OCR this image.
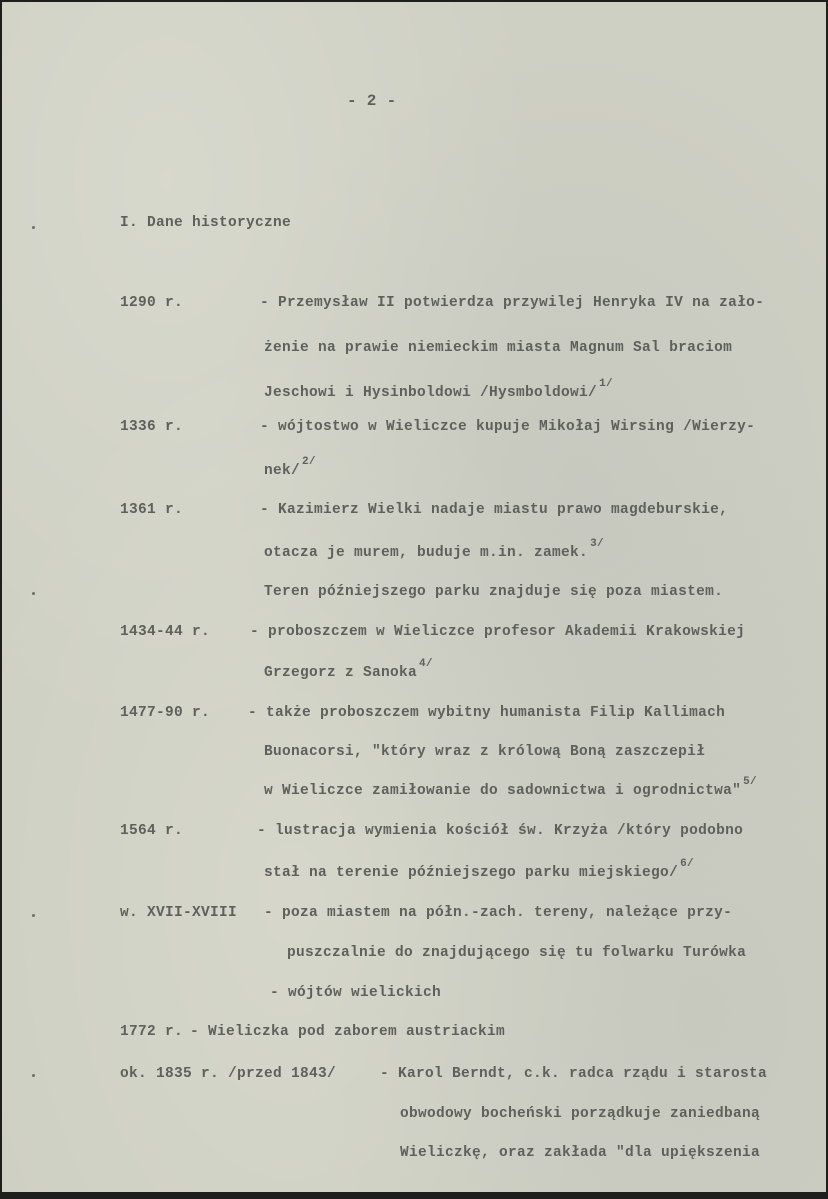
- 2 -
I. Dane historyczne
1290 r.	- Przemysław II potwierdza przywilej Henryka IV na zało-
żenie na prawie niemieckim miasta Magnum Sal braciom
Jeschowi i Hysinboldowi /Hysmboldowi/$^{1/}$
1336 r.	- wójtostwo w Wieliczce kupuje Mikołaj Wirsing /Wierzy-
nek/$^{2/}$
1361 r.	- Kazimierz Wielki nadaje miastu prawo magdeburskie,
otacza je murem, buduje m.in. zamek.$^{3/}$
Teren późniejszego parku znajduje się poza miastem.
1434-44 r.	- proboszczem w Wieliczce profesor Akademii Krakowskiej
Grzegorz z Sanoka$^{4/}$
1477-90 r.	- także proboszczem wybitny humanista Filip Kallimach
Buonacorsi, "który wraz z królową Boną zaszczepił
w Wieliczce zamiłowanie do sadownictwa i ogrodnictwa"$^{5/}$
1564 r.	- lustracja wymienia kościół św. Krzyża /który podobno
stał na terenie późniejszego parku miejskiego/$^{6/}$
w. XVII-XVIII - poza miastem na półn.-zach. tereny, należące przy-
puszczalnie do znajdującego się tu folwarku Turówka
- wójtów wielickich
1772 r. - Wieliczka pod zaborem austriackim
ok. 1835 r. /przed 1843/	- Karol Berndt, c.k. radca rządu i starosta
obwodowy bocheński porządkuje zaniedbaną
Wieliczkę, oraz zakłada "dla upiększenia
